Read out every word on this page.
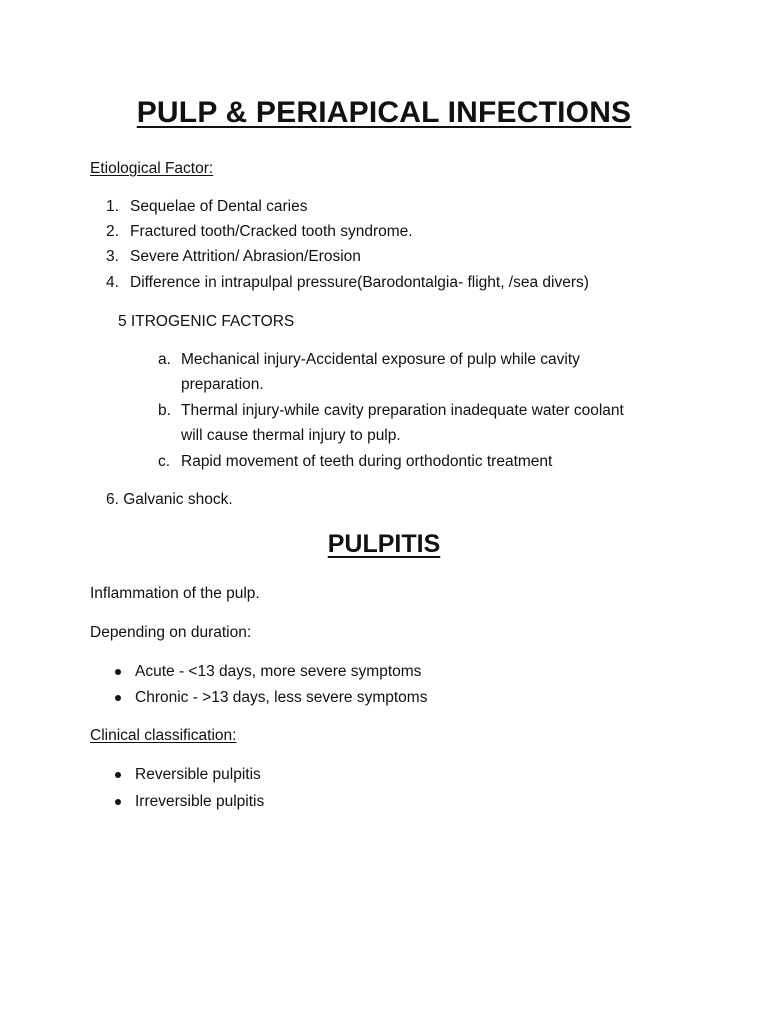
PULP & PERIAPICAL INFECTIONS

Etiological Factor:

1. Sequelae of Dental caries
2. Fractured tooth/Cracked tooth syndrome.
3. Severe Attrition/ Abrasion/Erosion
4. Difference in intrapulpal pressure(Barodontalgia- flight, /sea divers)

5 ITROGENIC FACTORS

a. Mechanical injury-Accidental exposure of pulp while cavity
preparation.
b. Thermal injury-while cavity preparation inadequate water coolant
will cause thermal injury to pulp.
c. Rapid movement of teeth during orthodontic treatment

6. Galvanic shock.

PULPITIS

Inflammation of the pulp.

Depending on duration:

Acute - <13 days, more severe symptoms
Chronic - >13 days, less severe symptoms

Clinical classification:

Reversible pulpitis
Irreversible pulpitis
